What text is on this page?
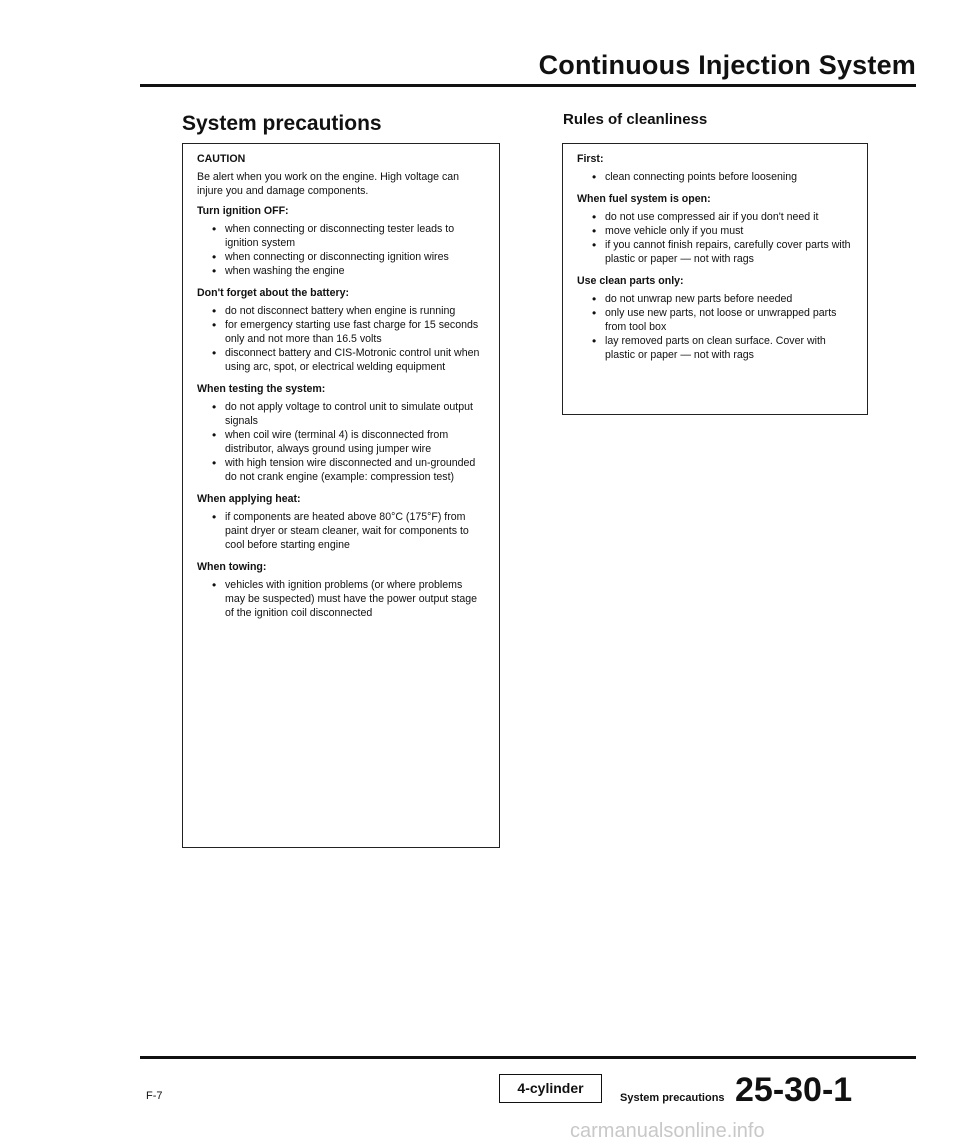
Continuous Injection System
System precautions	Rules of cleanliness
CAUTION

Be alert when you work on the engine. High voltage can injure you and damage components.

Turn ignition OFF:
• when connecting or disconnecting tester leads to ignition system
• when connecting or disconnecting ignition wires
• when washing the engine
Don't forget about the battery:
• do not disconnect battery when engine is running
• for emergency starting use fast charge for 15 seconds only and not more than 16.5 volts
• disconnect battery and CIS-Motronic control unit when using arc, spot, or electrical welding equipment
When testing the system:
• do not apply voltage to control unit to simulate output signals
• when coil wire (terminal 4) is disconnected from distributor, always ground using jumper wire
• with high tension wire disconnected and un-grounded do not crank engine (example: compression test)
When applying heat:
• if components are heated above 80°C (175°F) from paint dryer or steam cleaner, wait for components to cool before starting engine
When towing:
• vehicles with ignition problems (or where problems may be suspected) must have the power output stage of the ignition coil disconnected
First:
• clean connecting points before loosening
When fuel system is open:
• do not use compressed air if you don't need it
• move vehicle only if you must
• if you cannot finish repairs, carefully cover parts with plastic or paper — not with rags
Use clean parts only:
• do not unwrap new parts before needed
• only use new parts, not loose or unwrapped parts from tool box
• lay removed parts on clean surface. Cover with plastic or paper — not with rags
F-7	4-cylinder
System precautions 25-30-1
carmanualsonline.info
